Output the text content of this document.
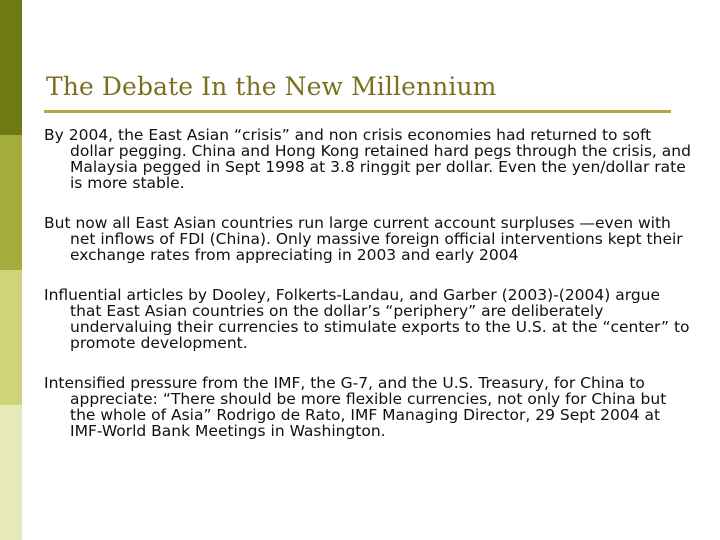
The Debate In the New Millennium

By 2004, the East Asian “crisis” and non crisis economies had returned to soft dollar pegging. China and Hong Kong retained hard pegs through the crisis, and Malaysia pegged in Sept 1998 at 3.8 ringgit per dollar. Even the yen/dollar rate is more stable.

But now all East Asian countries run large current account surpluses —even with net inflows of FDI (China). Only massive foreign official interventions kept their exchange rates from appreciating in 2003 and early 2004

Influential articles by Dooley, Folkerts-Landau, and Garber (2003)-(2004) argue that East Asian countries on the dollar’s “periphery” are deliberately undervaluing their currencies to stimulate exports to the U.S. at the “center” to promote development.

Intensified pressure from the IMF, the G-7, and the U.S. Treasury, for China to appreciate: “There should be more flexible currencies, not only for China but the whole of Asia” Rodrigo de Rato, IMF Managing Director, 29 Sept 2004 at IMF-World Bank Meetings in Washington.
